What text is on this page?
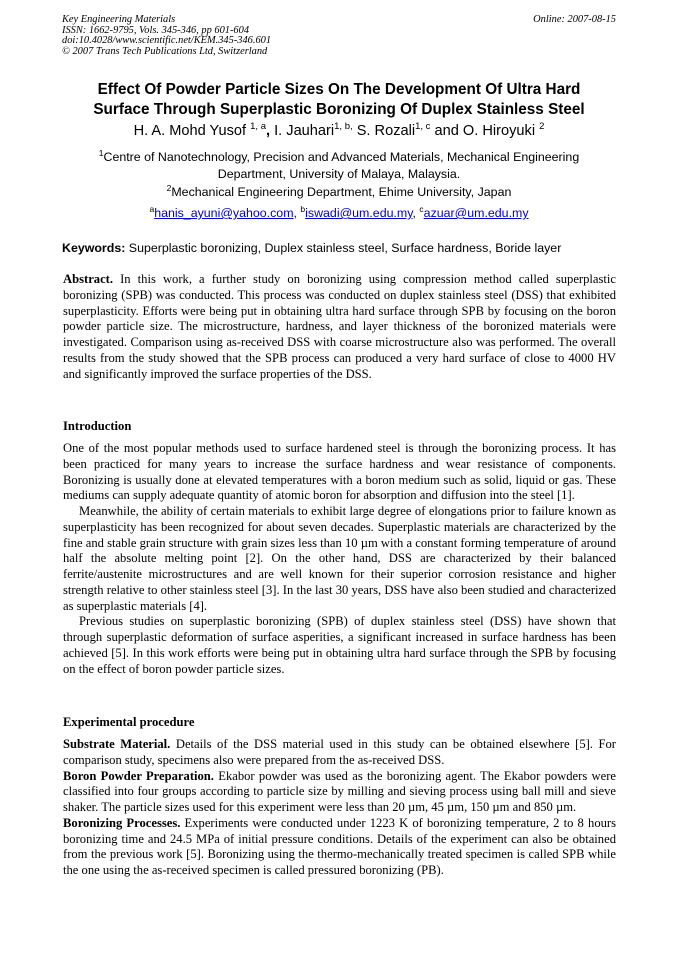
Key Engineering Materials	Online: 2007-08-15
ISSN: 1662-9795, Vols. 345-346, pp 601-604
doi:10.4028/www.scientific.net/KEM.345-346.601
© 2007 Trans Tech Publications Ltd, Switzerland
Effect Of Powder Particle Sizes On The Development Of Ultra Hard
Surface Through Superplastic Boronizing Of Duplex Stainless Steel
H. A. Mohd Yusof $^{1, a}$, I. Jauhari$^{1, b,}$ S. Rozali$^{1, c}$ and O. Hiroyuki $^2$
$^1$Centre of Nanotechnology, Precision and Advanced Materials, Mechanical Engineering
Department, University of Malaya, Malaysia.
$^2$Mechanical Engineering Department, Ehime University, Japan
$^a$hanis_ayuni@yahoo.com, $^b$iswadi@um.edu.my, $^c$azuar@um.edu.my
Keywords: Superplastic boronizing, Duplex stainless steel, Surface hardness, Boride layer

Abstract. In this work, a further study on boronizing using compression method called superplastic boronizing (SPB) was conducted. This process was conducted on duplex stainless steel (DSS) that exhibited superplasticity. Efforts were being put in obtaining ultra hard surface through SPB by focusing on the boron powder particle size. The microstructure, hardness, and layer thickness of the boronized materials were investigated. Comparison using as-received DSS with coarse microstructure also was performed. The overall results from the study showed that the SPB process can produced a very hard surface of close to 4000 HV and significantly improved the surface properties of the DSS.

Introduction

One of the most popular methods used to surface hardened steel is through the boronizing process. It has been practiced for many years to increase the surface hardness and wear resistance of components. Boronizing is usually done at elevated temperatures with a boron medium such as solid, liquid or gas. These mediums can supply adequate quantity of atomic boron for absorption and diffusion into the steel [1].

Meanwhile, the ability of certain materials to exhibit large degree of elongations prior to failure known as superplasticity has been recognized for about seven decades. Superplastic materials are characterized by the fine and stable grain structure with grain sizes less than 10 µm with a constant forming temperature of around half the absolute melting point [2]. On the other hand, DSS are characterized by their balanced ferrite/austenite microstructures and are well known for their superior corrosion resistance and higher strength relative to other stainless steel [3]. In the last 30 years, DSS have also been studied and characterized as superplastic materials [4].

Previous studies on superplastic boronizing (SPB) of duplex stainless steel (DSS) have shown that through superplastic deformation of surface asperities, a significant increased in surface hardness has been achieved [5]. In this work efforts were being put in obtaining ultra hard surface through the SPB by focusing on the effect of boron powder particle sizes.

Experimental procedure

Substrate Material. Details of the DSS material used in this study can be obtained elsewhere [5]. For comparison study, specimens also were prepared from the as-received DSS.

Boron Powder Preparation. Ekabor powder was used as the boronizing agent. The Ekabor powders were classified into four groups according to particle size by milling and sieving process using ball mill and sieve shaker. The particle sizes used for this experiment were less than 20 µm, 45 µm, 150 µm and 850 µm.

Boronizing Processes. Experiments were conducted under 1223 K of boronizing temperature, 2 to 8 hours boronizing time and 24.5 MPa of initial pressure conditions. Details of the experiment can also be obtained from the previous work [5]. Boronizing using the thermo-mechanically treated specimen is called SPB while the one using the as-received specimen is called pressured boronizing (PB).
